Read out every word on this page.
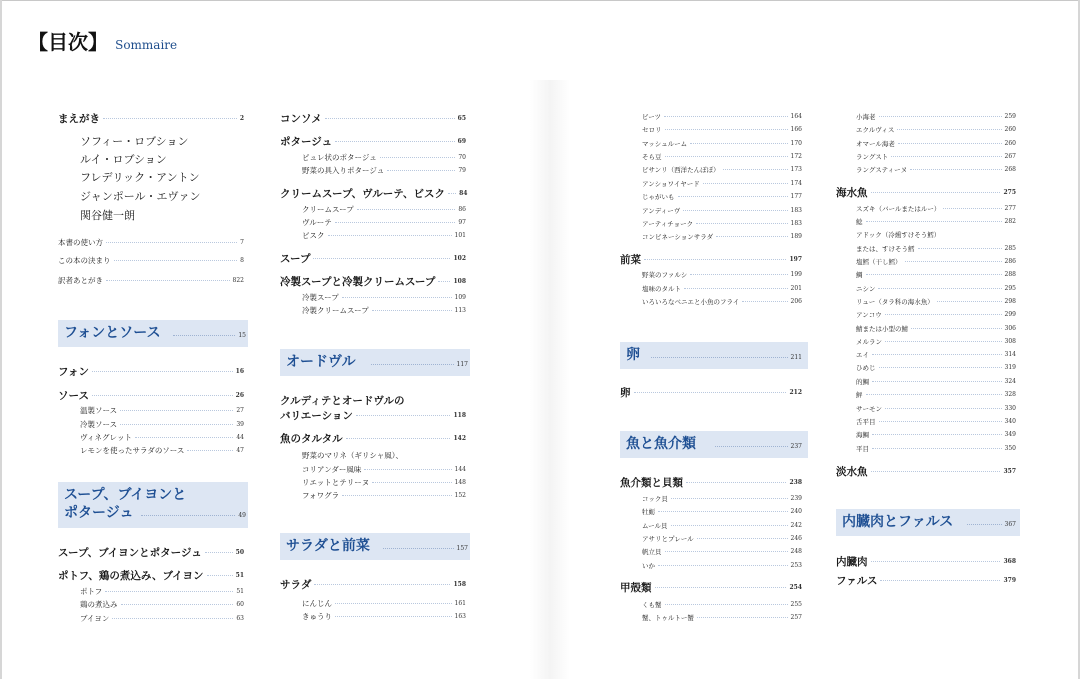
【目次】 Sommaire
まえがき	2
ソフィー・ロブション
ルイ・ロブション
フレデリック・アントン
ジャンポール・エヴァン
関谷健一朗
本書の使い方	7
この本の決まり	8
訳者あとがき	822
フォンとソース	15
フォン	16
ソース	26
温製ソース	27
冷製ソース	39
ヴィネグレット	44
レモンを使ったサラダのソース	47
スープ、ブイヨンと
ポタージュ	49
スープ、ブイヨンとポタージュ	50
ポトフ、鶏の煮込み、ブイヨン	51
ポトフ	51
鶏の煮込み	60
ブイヨン	63
コンソメ	65
ポタージュ	69
ピュレ状のポタージュ	70
野菜の具入りポタージュ	79
クリームスープ、ヴルーテ、ビスク 84
クリームスープ	86
ヴルーテ	97
ビスク	101
スープ	102
冷製スープと冷製クリームスープ	108
冷製スープ	109
冷製クリームスープ	113
オードヴル	117
クルディテとオードヴルの
バリエーション	118
魚のタルタル	142
野菜のマリネ（ギリシャ風）、
コリアンダー風味	144
リエットとテリーヌ	148
フォワグラ	152
サラダと前菜	157
サラダ	158
にんじん	161
きゅうり	163
ビーツ	164
セロリ	166
マッシュルーム	170
そら豆	172
ピサンリ（西洋たんぽぽ）	173
アンショワイヤード	174
じゃがいも	177
アンディーヴ	183
アーティチョーク	183
コンビネーションサラダ	189
前菜	197
野菜のファルシ	199
塩味のタルト	201
いろいろなベニエと小魚のフライ	206
卵	211
卵	212
魚と魚介類	237
魚介類と貝類	238
コック貝	239
牡蛎	240
ムール貝	242
アサリとプレール	246
帆立貝	248
いか	253
甲殻類	254
くも蟹	255
蟹、トゥルトー蟹	257
小海老	259
エクルヴィス	260
オマール海老	260
ラングスト	267
ラングスティーヌ	268
海水魚	275
スズキ（バールまたはルー）	277
鯰	282
アドック（冷燻すけそう鱈）
または、すけそう鱈	285
塩鱈（干し鱈）	286
鯛	288
ニシン	295
リュー（タラ科の海水魚）	298
アンコウ	299
鯖または小型の鯖	306
メルラン	308
エイ	314
ひめじ	319
的鯛	324
鮃	328
サーモン	330
舌平目	340
海鯛	349
平目	350
淡水魚	357
内臓肉とファルス	367
内臓肉	368
ファルス	379
